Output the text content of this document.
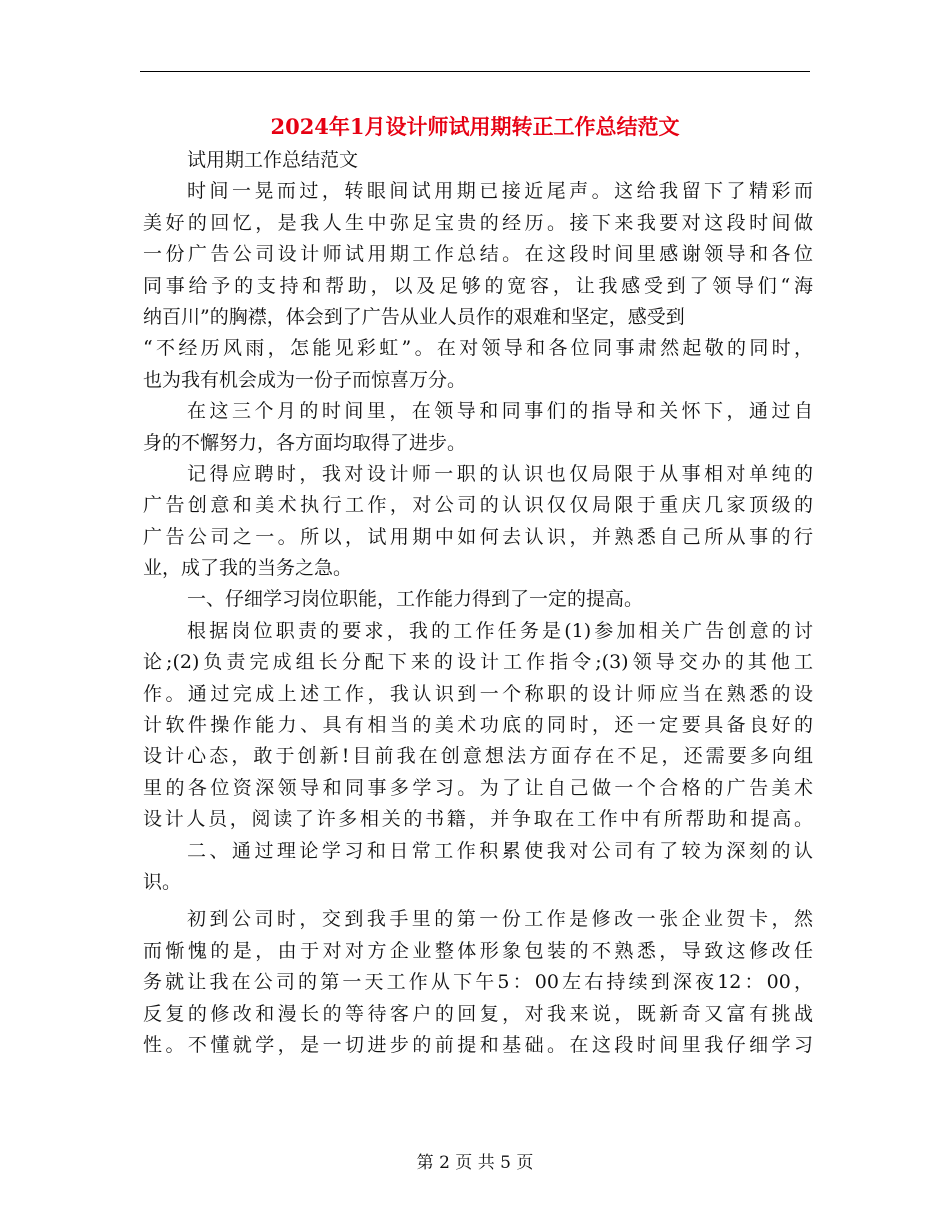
2024年1月设计师试用期转正工作总结范文
试用期工作总结范文
时间一晃而过，转眼间试用期已接近尾声。这给我留下了精彩而
美好的回忆，是我人生中弥足宝贵的经历。接下来我要对这段时间做
一份广告公司设计师试用期工作总结。在这段时间里感谢领导和各位
同事给予的支持和帮助，以及足够的宽容，让我感受到了领导们“海
纳百川”的胸襟，体会到了广告从业人员作的艰难和坚定，感受到
“不经历风雨，怎能见彩虹”。在对领导和各位同事肃然起敬的同时，
也为我有机会成为一份子而惊喜万分。
在这三个月的时间里，在领导和同事们的指导和关怀下，通过自
身的不懈努力，各方面均取得了进步。
记得应聘时，我对设计师一职的认识也仅局限于从事相对单纯的
广告创意和美术执行工作，对公司的认识仅仅局限于重庆几家顶级的
广告公司之一。所以，试用期中如何去认识，并熟悉自己所从事的行
业，成了我的当务之急。
一、仔细学习岗位职能，工作能力得到了一定的提高。
根据岗位职责的要求，我的工作任务是(1)参加相关广告创意的讨
论;(2)负责完成组长分配下来的设计工作指令;(3)领导交办的其他工
作。通过完成上述工作，我认识到一个称职的设计师应当在熟悉的设
计软件操作能力、具有相当的美术功底的同时，还一定要具备良好的
设计心态，敢于创新!目前我在创意想法方面存在不足，还需要多向组
里的各位资深领导和同事多学习。为了让自己做一个合格的广告美术
设计人员，阅读了许多相关的书籍，并争取在工作中有所帮助和提高。
二、通过理论学习和日常工作积累使我对公司有了较为深刻的认
识。
初到公司时，交到我手里的第一份工作是修改一张企业贺卡，然
而惭愧的是，由于对对方企业整体形象包装的不熟悉，导致这修改任
务就让我在公司的第一天工作从下午5：00左右持续到深夜12：00，
反复的修改和漫长的等待客户的回复，对我来说，既新奇又富有挑战
性。不懂就学，是一切进步的前提和基础。在这段时间里我仔细学习
第 2 页 共 5 页
